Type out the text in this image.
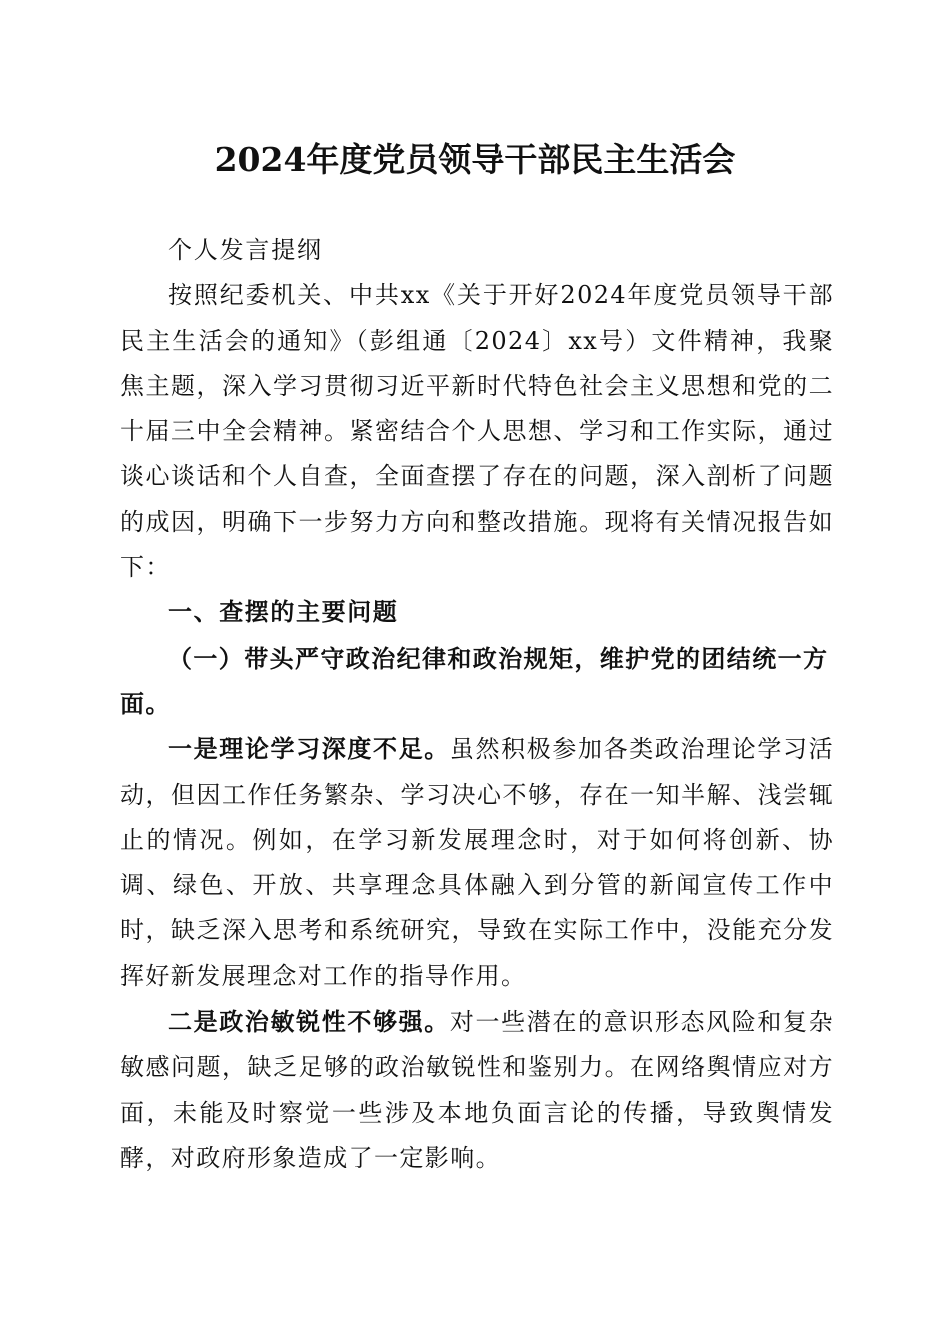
2024年度党员领导干部民主生活会

个人发言提纲

按照纪委机关、中共xx《关于开好2024年度党员领导干部民主生活会的通知》（彭组通〔2024〕xx号）文件精神，我聚焦主题，深入学习贯彻习近平新时代特色社会主义思想和党的二十届三中全会精神。紧密结合个人思想、学习和工作实际，通过谈心谈话和个人自查，全面查摆了存在的问题，深入剖析了问题的成因，明确下一步努力方向和整改措施。现将有关情况报告如下：

一、查摆的主要问题

（一）带头严守政治纪律和政治规矩，维护党的团结统一方面。

一是理论学习深度不足。虽然积极参加各类政治理论学习活动，但因工作任务繁杂、学习决心不够，存在一知半解、浅尝辄止的情况。例如，在学习新发展理念时，对于如何将创新、协调、绿色、开放、共享理念具体融入到分管的新闻宣传工作中时，缺乏深入思考和系统研究，导致在实际工作中，没能充分发挥好新发展理念对工作的指导作用。

二是政治敏锐性不够强。对一些潜在的意识形态风险和复杂敏感问题，缺乏足够的政治敏锐性和鉴别力。在网络舆情应对方面，未能及时察觉一些涉及本地负面言论的传播，导致舆情发酵，对政府形象造成了一定影响。
